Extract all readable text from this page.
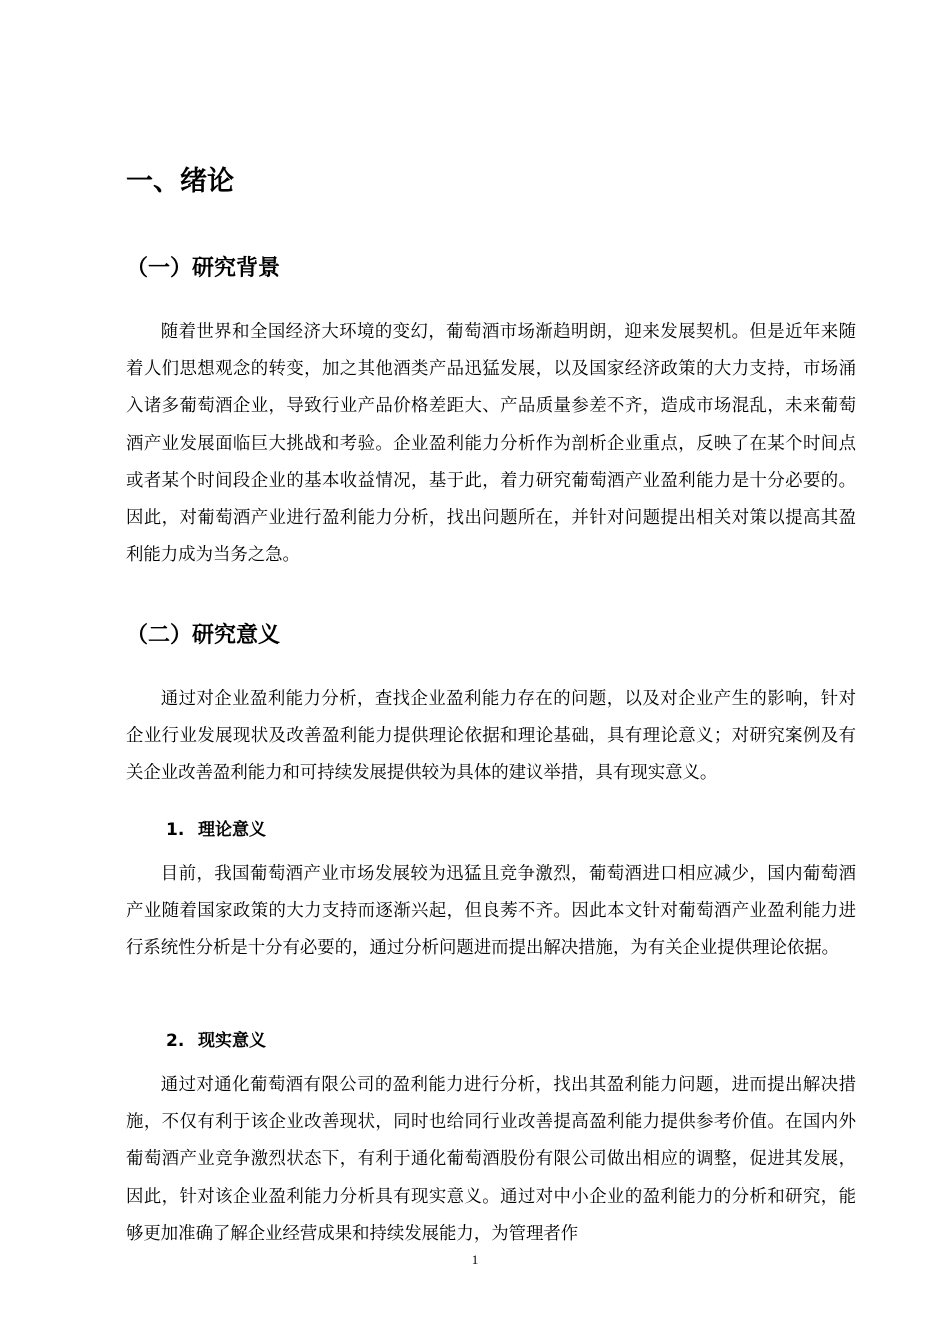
一、绪论
（一）研究背景

随着世界和全国经济大环境的变幻，葡萄酒市场渐趋明朗，迎来发展契机。但是近年来随着人们思想观念的转变，加之其他酒类产品迅猛发展，以及国家经济政策的大力支持，市场涌入诸多葡萄酒企业，导致行业产品价格差距大、产品质量参差不齐，造成市场混乱，未来葡萄酒产业发展面临巨大挑战和考验。企业盈利能力分析作为剖析企业重点，反映了在某个时间点或者某个时间段企业的基本收益情况，基于此，着力研究葡萄酒产业盈利能力是十分必要的。因此，对葡萄酒产业进行盈利能力分析，找出问题所在，并针对问题提出相关对策以提高其盈利能力成为当务之急。

（二）研究意义

通过对企业盈利能力分析，查找企业盈利能力存在的问题，以及对企业产生的影响，针对企业行业发展现状及改善盈利能力提供理论依据和理论基础，具有理论意义；对研究案例及有关企业改善盈利能力和可持续发展提供较为具体的建议举措，具有现实意义。

1. 理论意义

目前，我国葡萄酒产业市场发展较为迅猛且竞争激烈，葡萄酒进口相应减少，国内葡萄酒产业随着国家政策的大力支持而逐渐兴起，但良莠不齐。因此本文针对葡萄酒产业盈利能力进行系统性分析是十分有必要的，通过分析问题进而提出解决措施，为有关企业提供理论依据。

2. 现实意义

通过对通化葡萄酒有限公司的盈利能力进行分析，找出其盈利能力问题，进而提出解决措施，不仅有利于该企业改善现状，同时也给同行业改善提高盈利能力提供参考价值。在国内外葡萄酒产业竞争激烈状态下，有利于通化葡萄酒股份有限公司做出相应的调整，促进其发展，因此，针对该企业盈利能力分析具有现实意义。通过对中小企业的盈利能力的分析和研究，能够更加准确了解企业经营成果和持续发展能力，为管理者作

1
